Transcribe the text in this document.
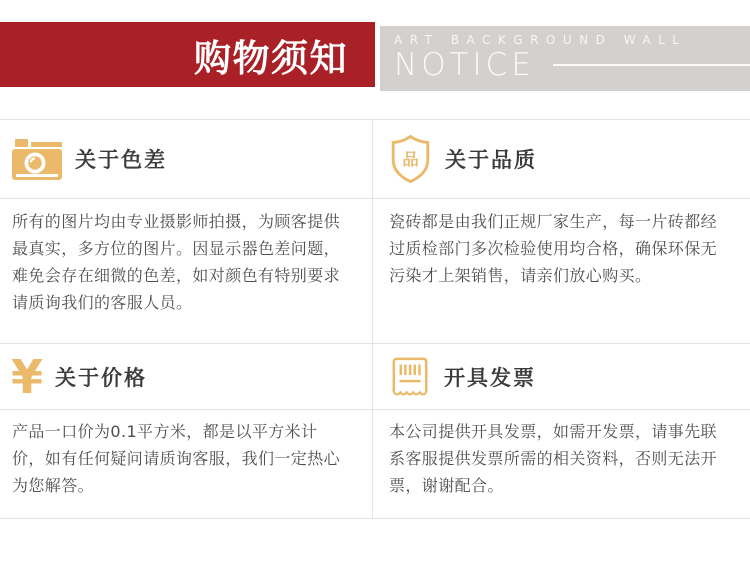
购物须知	ART BACKGROUND WALL
NOTICE
关于色差	品 关于品质
所有的图片均由专业摄影师拍摄，为顾客提供最真实，多方位的图片。因显示器色差问题，难免会存在细微的色差，如对颜色有特别要求请质询我们的客服人员。
瓷砖都是由我们正规厂家生产，每一片砖都经过质检部门多次检验使用均合格，确保环保无污染才上架销售，请亲们放心购买。
¥ 关于价格	开具发票
产品一口价为0.1平方米，都是以平方米计价，如有任何疑问请质询客服，我们一定热心为您解答。
本公司提供开具发票，如需开发票，请事先联系客服提供发票所需的相关资料，否则无法开票，谢谢配合。
